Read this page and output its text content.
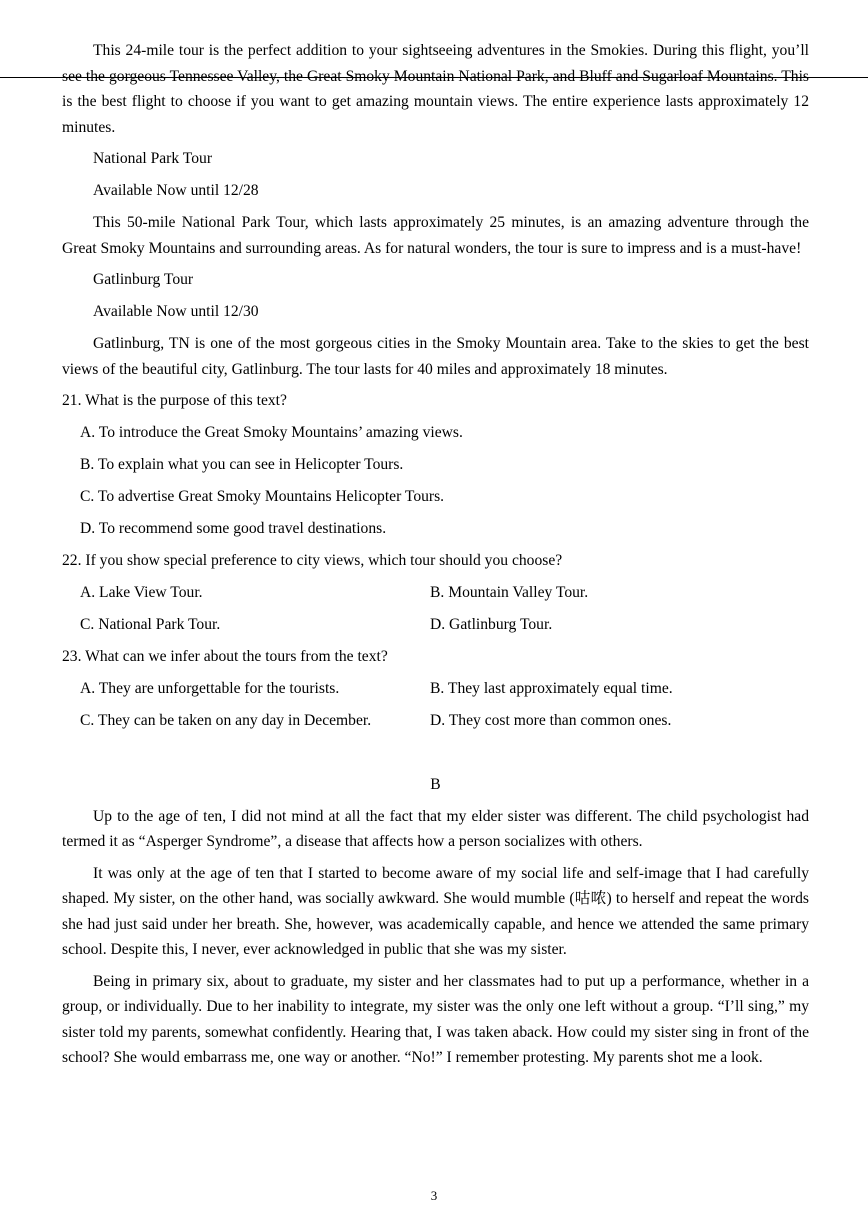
This 24-mile tour is the perfect addition to your sightseeing adventures in the Smokies. During this flight, you’ll see the gorgeous Tennessee Valley, the Great Smoky Mountain National Park, and Bluff and Sugarloaf Mountains. This is the best flight to choose if you want to get amazing mountain views. The entire experience lasts approximately 12 minutes.

National Park Tour

Available Now until 12/28

This 50-mile National Park Tour, which lasts approximately 25 minutes, is an amazing adventure through the Great Smoky Mountains and surrounding areas. As for natural wonders, the tour is sure to impress and is a must-have!

Gatlinburg Tour

Available Now until 12/30

Gatlinburg, TN is one of the most gorgeous cities in the Smoky Mountain area. Take to the skies to get the best views of the beautiful city, Gatlinburg. The tour lasts for 40 miles and approximately 18 minutes.

21. What is the purpose of this text?
A. To introduce the Great Smoky Mountains’ amazing views.
B. To explain what you can see in Helicopter Tours.
C. To advertise Great Smoky Mountains Helicopter Tours.
D. To recommend some good travel destinations.
22. If you show special preference to city views, which tour should you choose?
A. Lake View Tour.	B. Mountain Valley Tour.
C. National Park Tour.	D. Gatlinburg Tour.
23. What can we infer about the tours from the text?
A. They are unforgettable for the tourists.	B. They last approximately equal time.
C. They can be taken on any day in December.	D. They cost more than common ones.
B

Up to the age of ten, I did not mind at all the fact that my elder sister was different. The child psychologist had termed it as “Asperger Syndrome”, a disease that affects how a person socializes with others.

It was only at the age of ten that I started to become aware of my social life and self-image that I had carefully shaped. My sister, on the other hand, was socially awkward. She would mumble (咕哝) to herself and repeat the words she had just said under her breath. She, however, was academically capable, and hence we attended the same primary school. Despite this, I never, ever acknowledged in public that she was my sister.

Being in primary six, about to graduate, my sister and her classmates had to put up a performance, whether in a group, or individually. Due to her inability to integrate, my sister was the only one left without a group. “I’ll sing,” my sister told my parents, somewhat confidently. Hearing that, I was taken aback. How could my sister sing in front of the school? She would embarrass me, one way or another. “No!” I remember protesting. My parents shot me a look.

3
